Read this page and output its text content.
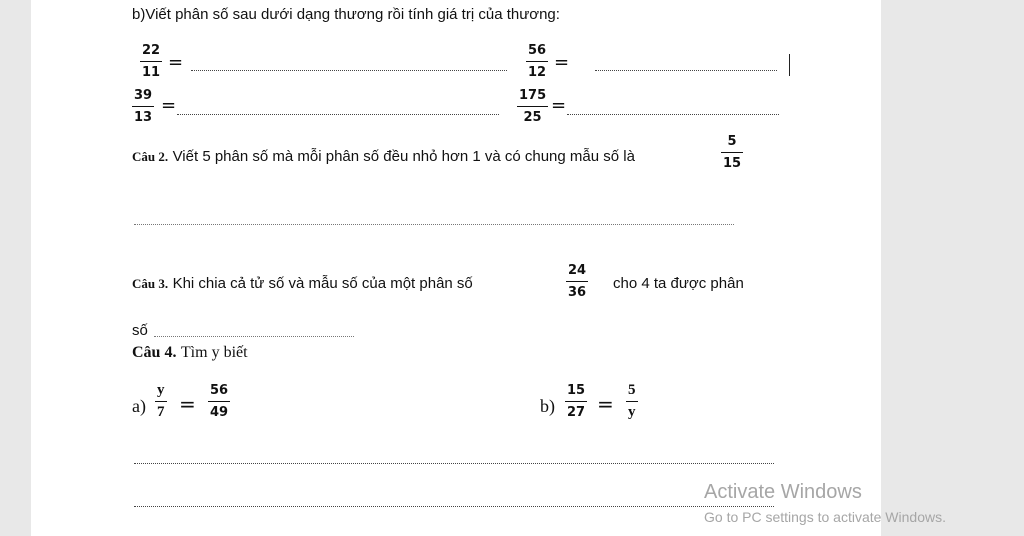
b)Viết phân số sau dưới dạng thương rồi tính giá trị của thương:
22
11 =
56
12 =
39
13
=	175
25
=
Câu 2. Viết 5 phân số mà mỗi phân số đều nhỏ hơn 1 và có chung mẫu số là
5
15
Câu 3. Khi chia cả tử số và mẫu số của một phân số
24
36
cho 4 ta được phân
số
Câu 4. Tìm y biết
a)
y
7 =
56
49	b)
15
27 =
5
y
Activate Windows
Go to PC settings to activate Windows.
